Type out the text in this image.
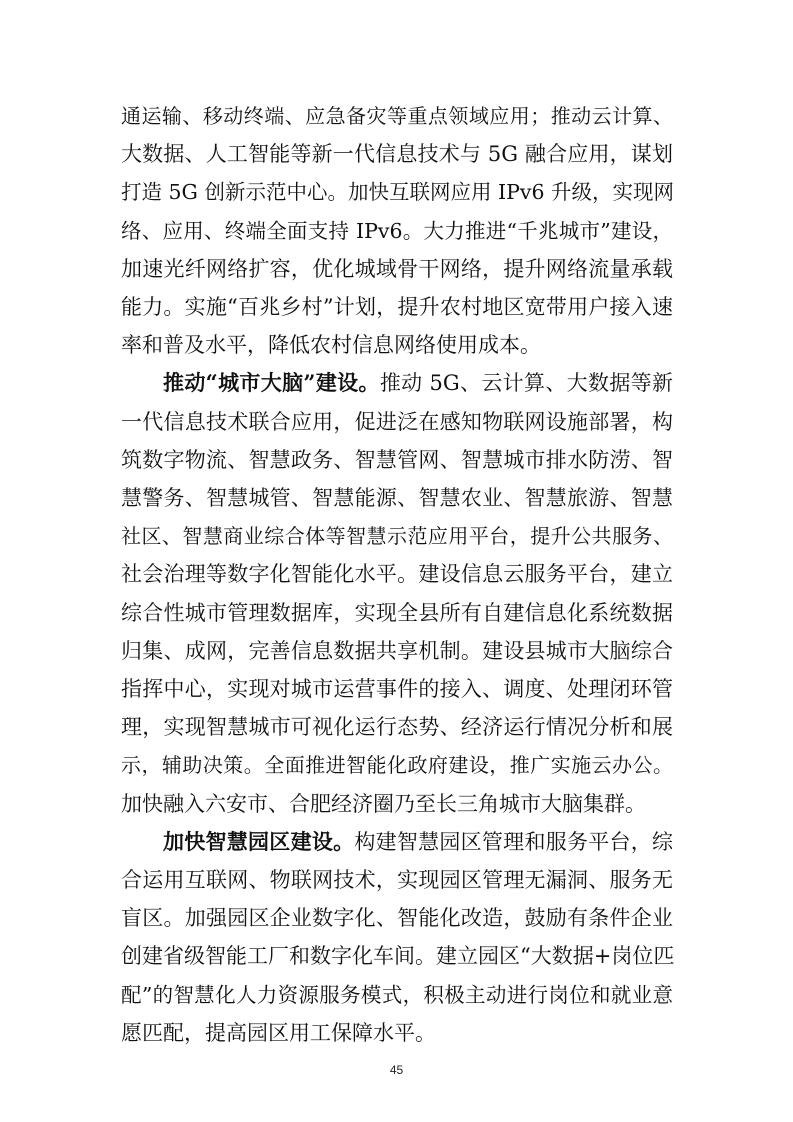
通运输、移动终端、应急备灾等重点领域应用；推动云计算、
大数据、人工智能等新一代信息技术与 5G 融合应用，谋划
打造 5G 创新示范中心。加快互联网应用 IPv6 升级，实现网
络、应用、终端全面支持 IPv6。大力推进“千兆城市”建设，
加速光纤网络扩容，优化城域骨干网络，提升网络流量承载
能力。实施“百兆乡村”计划，提升农村地区宽带用户接入速
率和普及水平，降低农村信息网络使用成本。
推动“城市大脑”建设。推动 5G、云计算、大数据等新
一代信息技术联合应用，促进泛在感知物联网设施部署，构
筑数字物流、智慧政务、智慧管网、智慧城市排水防涝、智
慧警务、智慧城管、智慧能源、智慧农业、智慧旅游、智慧
社区、智慧商业综合体等智慧示范应用平台，提升公共服务、
社会治理等数字化智能化水平。建设信息云服务平台，建立
综合性城市管理数据库，实现全县所有自建信息化系统数据
归集、成网，完善信息数据共享机制。建设县城市大脑综合
指挥中心，实现对城市运营事件的接入、调度、处理闭环管
理，实现智慧城市可视化运行态势、经济运行情况分析和展
示，辅助决策。全面推进智能化政府建设，推广实施云办公。
加快融入六安市、合肥经济圈乃至长三角城市大脑集群。
加快智慧园区建设。构建智慧园区管理和服务平台，综
合运用互联网、物联网技术，实现园区管理无漏洞、服务无
盲区。加强园区企业数字化、智能化改造，鼓励有条件企业
创建省级智能工厂和数字化车间。建立园区“大数据+岗位匹
配”的智慧化人力资源服务模式，积极主动进行岗位和就业意
愿匹配，提高园区用工保障水平。
45
